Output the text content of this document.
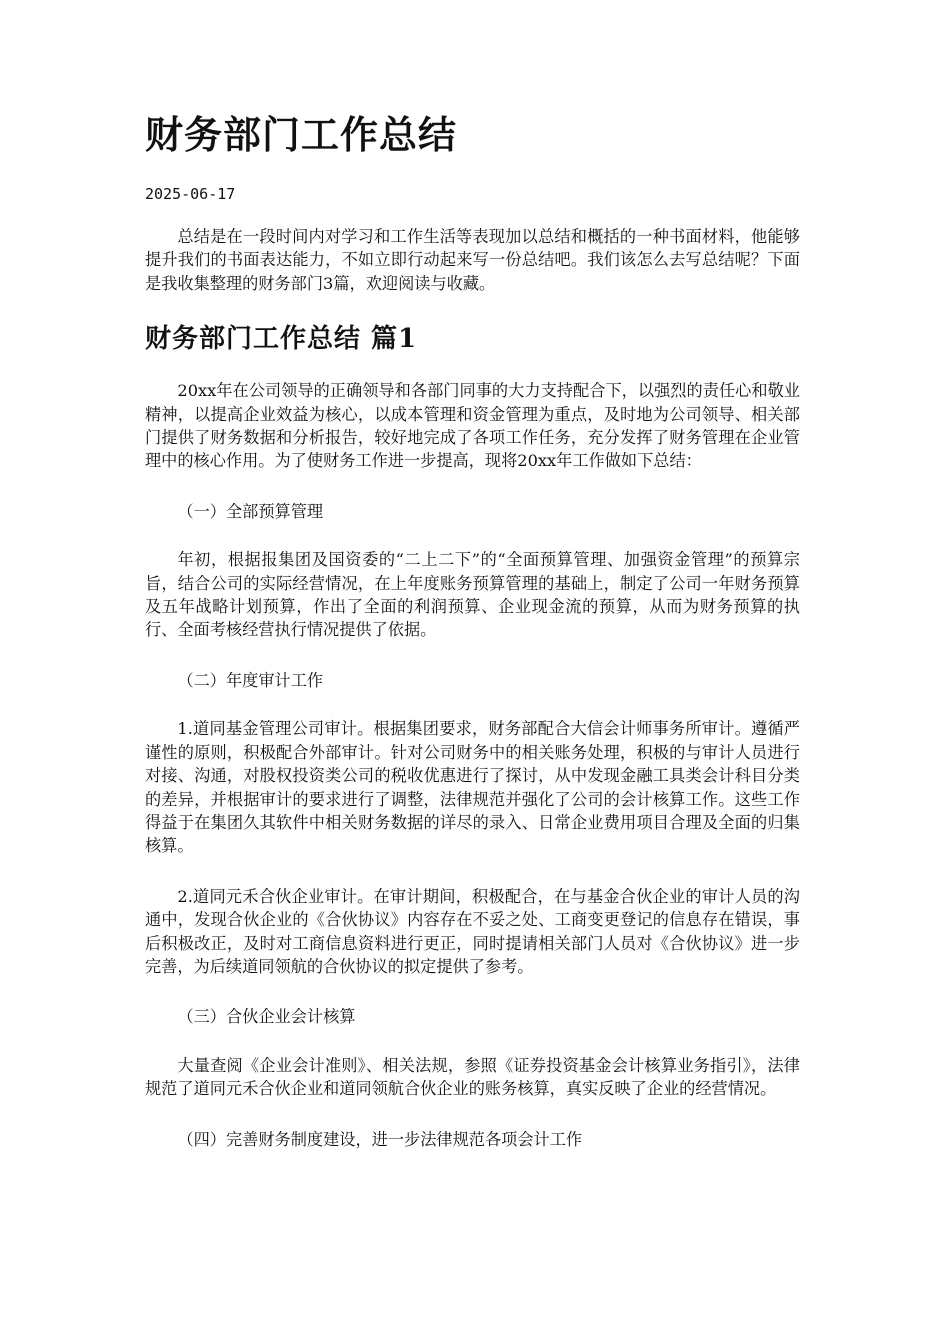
财务部门工作总结
2025-06-17

总结是在一段时间内对学习和工作生活等表现加以总结和概括的一种书面材料，他能够提升我们的书面表达能力，不如立即行动起来写一份总结吧。我们该怎么去写总结呢？下面是我收集整理的财务部门3篇，欢迎阅读与收藏。

财务部门工作总结 篇1

20xx年在公司领导的正确领导和各部门同事的大力支持配合下，以强烈的责任心和敬业精神，以提高企业效益为核心，以成本管理和资金管理为重点，及时地为公司领导、相关部门提供了财务数据和分析报告，较好地完成了各项工作任务，充分发挥了财务管理在企业管理中的核心作用。为了使财务工作进一步提高，现将20xx年工作做如下总结：

（一）全部预算管理

年初，根据报集团及国资委的“二上二下”的“全面预算管理、加强资金管理”的预算宗旨，结合公司的实际经营情况，在上年度账务预算管理的基础上，制定了公司一年财务预算及五年战略计划预算，作出了全面的利润预算、企业现金流的预算，从而为财务预算的执行、全面考核经营执行情况提供了依据。

（二）年度审计工作

1.道同基金管理公司审计。根据集团要求，财务部配合大信会计师事务所审计。遵循严谨性的原则，积极配合外部审计。针对公司财务中的相关账务处理，积极的与审计人员进行对接、沟通，对股权投资类公司的税收优惠进行了探讨，从中发现金融工具类会计科目分类的差异，并根据审计的要求进行了调整，法律规范并强化了公司的会计核算工作。这些工作得益于在集团久其软件中相关财务数据的详尽的录入、日常企业费用项目合理及全面的归集核算。

2.道同元禾合伙企业审计。在审计期间，积极配合，在与基金合伙企业的审计人员的沟通中，发现合伙企业的《合伙协议》内容存在不妥之处、工商变更登记的信息存在错误，事后积极改正，及时对工商信息资料进行更正，同时提请相关部门人员对《合伙协议》进一步完善，为后续道同领航的合伙协议的拟定提供了参考。

（三）合伙企业会计核算

大量查阅《企业会计准则》、相关法规，参照《证券投资基金会计核算业务指引》，法律规范了道同元禾合伙企业和道同领航合伙企业的账务核算，真实反映了企业的经营情况。

（四）完善财务制度建设，进一步法律规范各项会计工作
